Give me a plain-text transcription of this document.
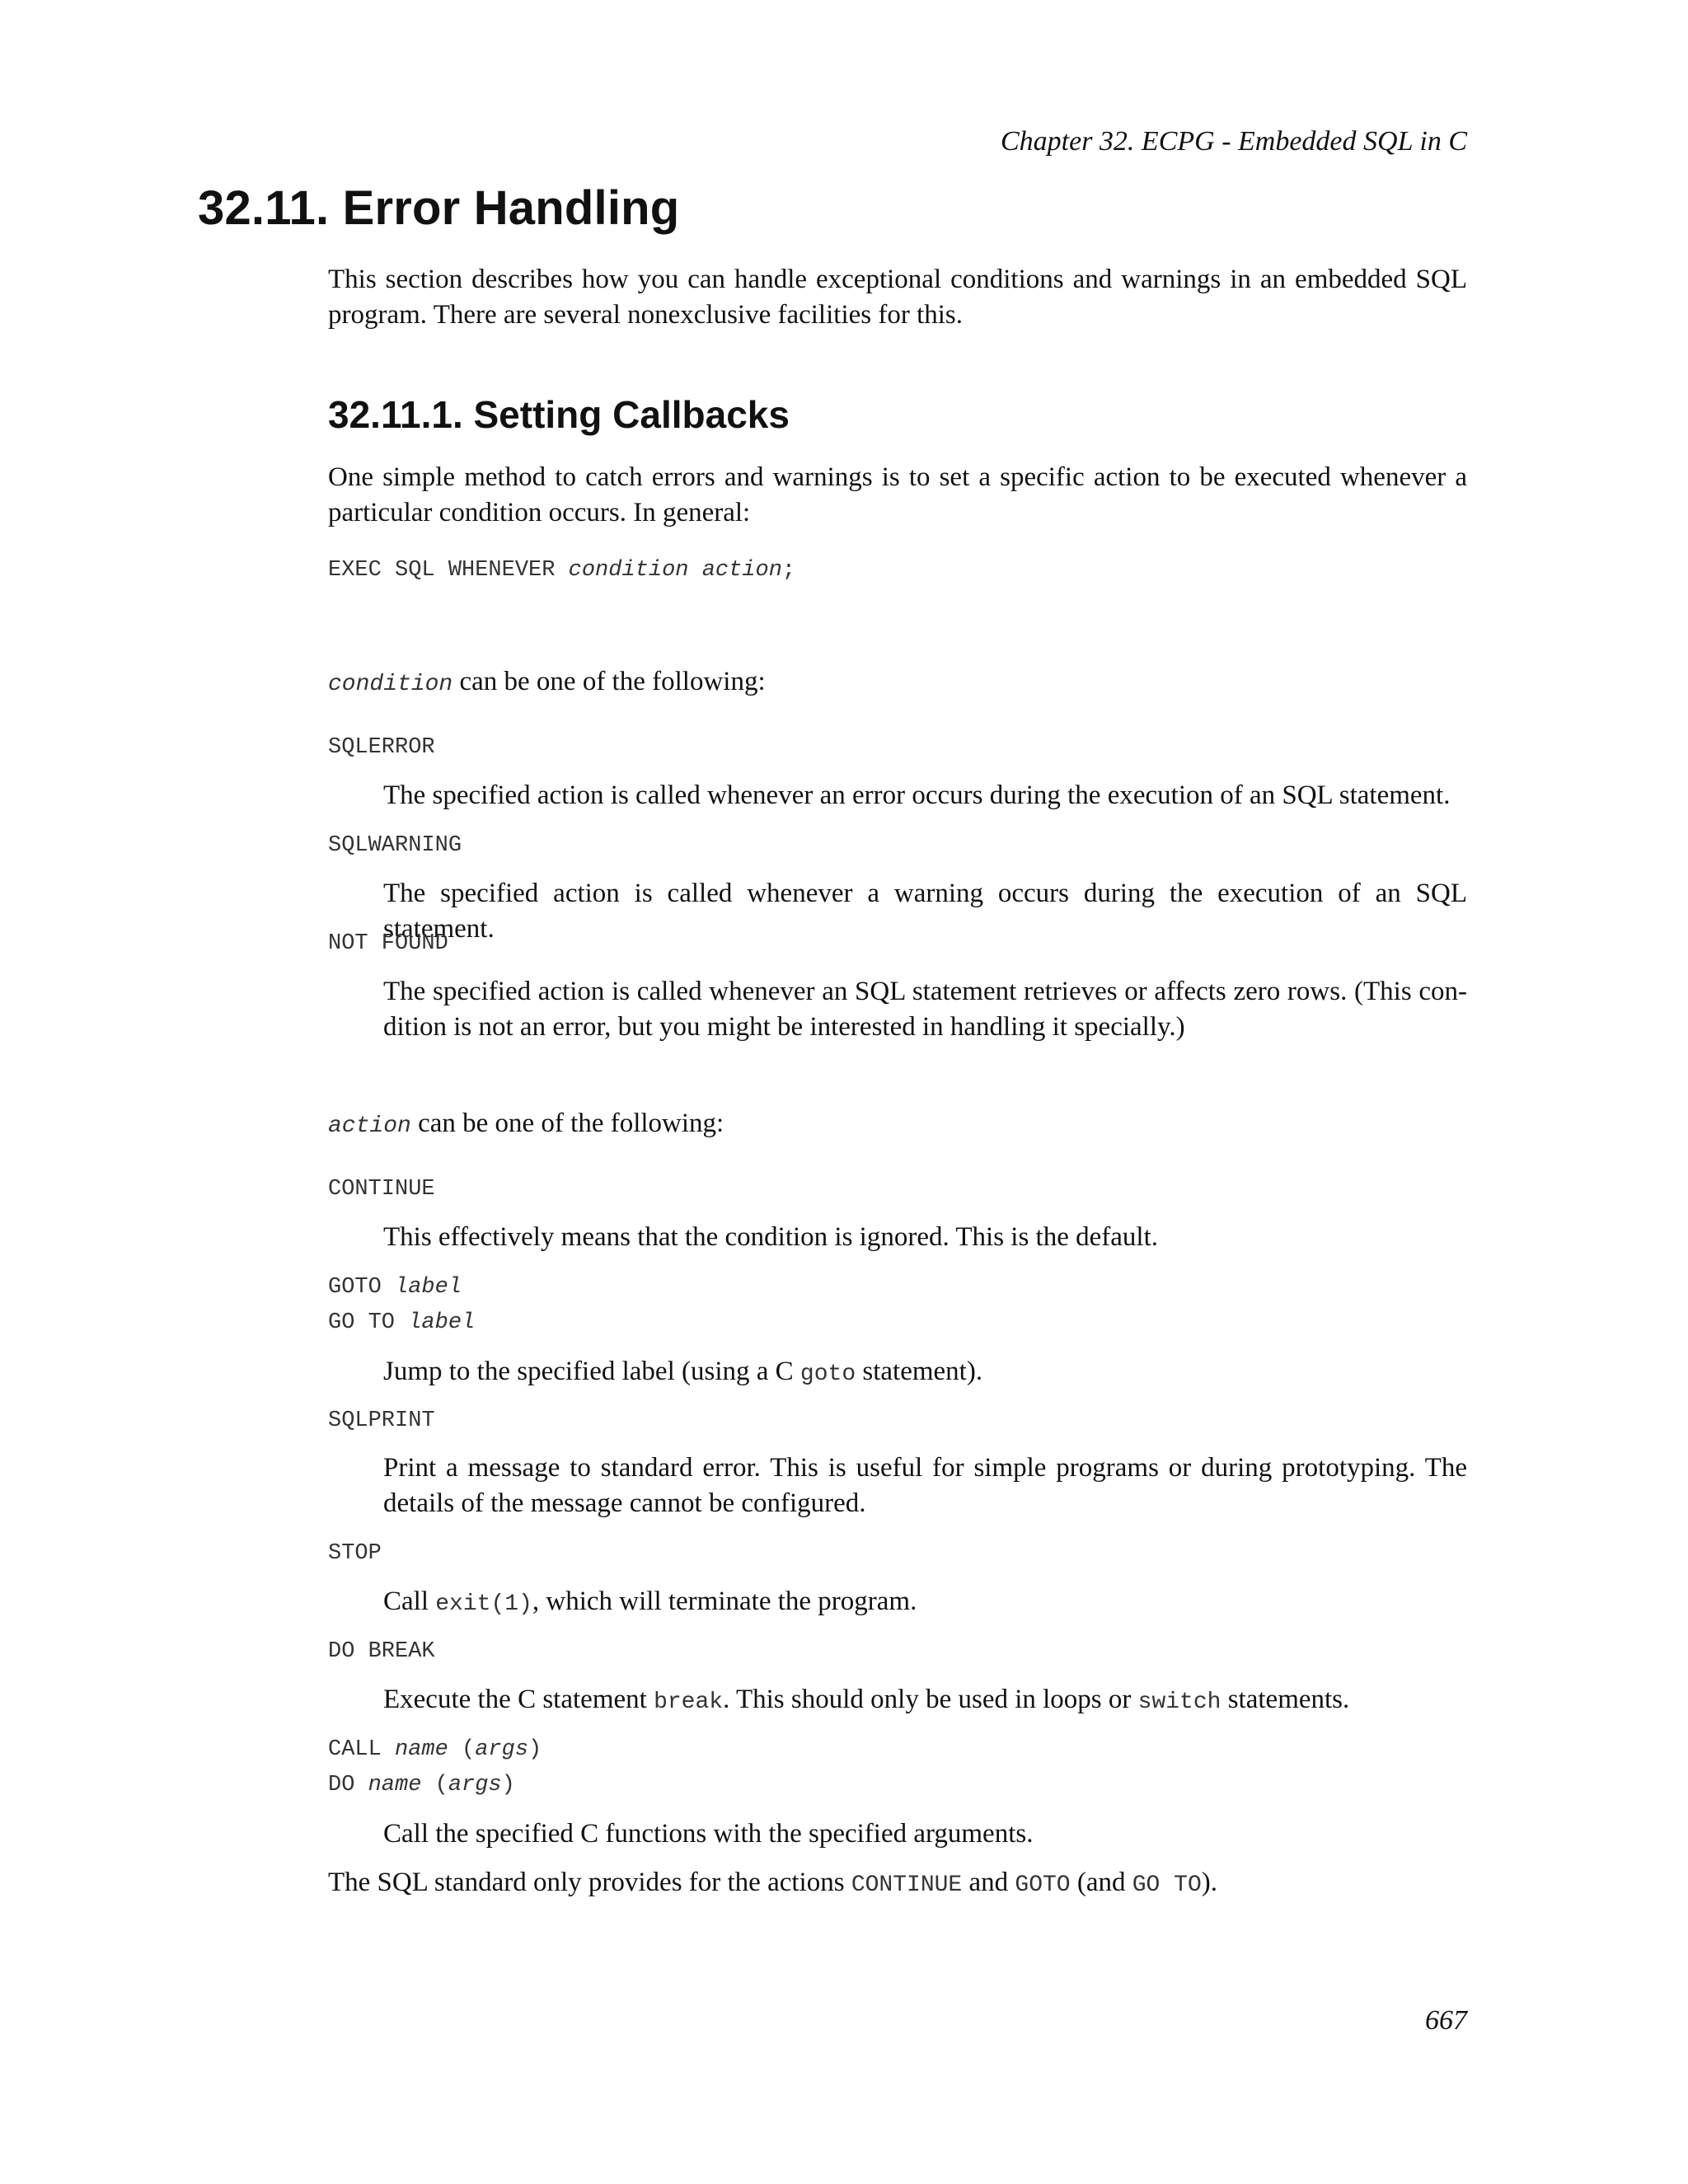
Chapter 32. ECPG - Embedded SQL in C
32.11. Error Handling

This section describes how you can handle exceptional conditions and warnings in an embedded SQL program. There are several nonexclusive facilities for this.

32.11.1. Setting Callbacks

One simple method to catch errors and warnings is to set a specific action to be executed whenever a particular condition occurs. In general:

EXEC SQL WHENEVER condition action;

condition can be one of the following:

SQLERROR

The specified action is called whenever an error occurs during the execution of an SQL statement.

SQLWARNING

The specified action is called whenever a warning occurs during the execution of an SQL statement.

NOT FOUND

The specified action is called whenever an SQL statement retrieves or affects zero rows. (This con-dition is not an error, but you might be interested in handling it specially.)

action can be one of the following:

CONTINUE

This effectively means that the condition is ignored. This is the default.

GOTO label
GO TO label

Jump to the specified label (using a C goto statement).

SQLPRINT

Print a message to standard error. This is useful for simple programs or during prototyping. The details of the message cannot be configured.

STOP

Call exit(1), which will terminate the program.

DO BREAK

Execute the C statement break. This should only be used in loops or switch statements.

CALL name (args)
DO name (args)

Call the specified C functions with the specified arguments.

The SQL standard only provides for the actions CONTINUE and GOTO (and GO TO).

667
